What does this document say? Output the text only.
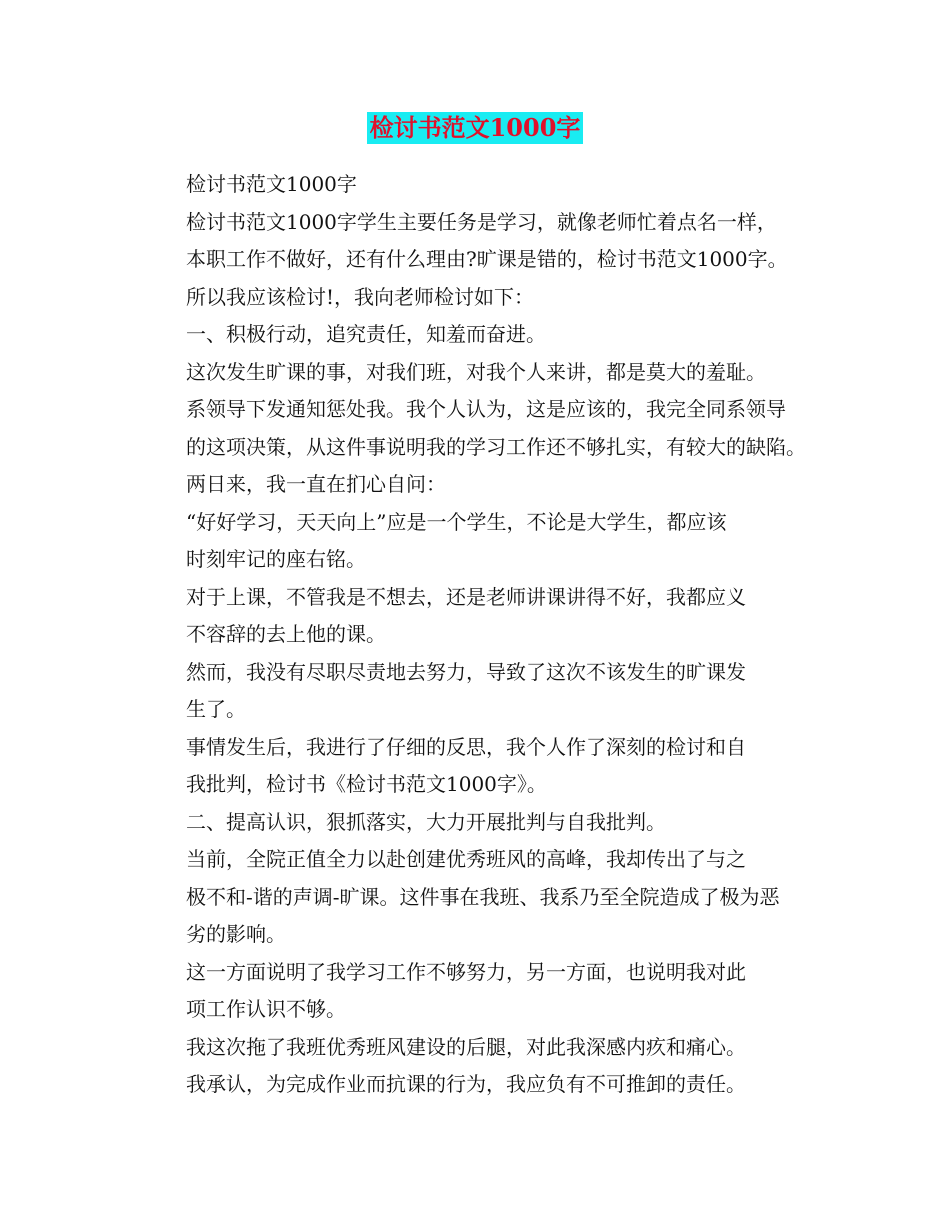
检讨书范文1000字

检讨书范文1000字

检讨书范文1000字学生主要任务是学习，就像老师忙着点名一样，
本职工作不做好，还有什么理由?旷课是错的，检讨书范文1000字。
所以我应该检讨!，我向老师检讨如下：

一、积极行动，追究责任，知羞而奋进。

这次发生旷课的事，对我们班，对我个人来讲，都是莫大的羞耻。
系领导下发通知惩处我。我个人认为，这是应该的，我完全同系领导
的这项决策，从这件事说明我的学习工作还不够扎实，有较大的缺陷。
两日来，我一直在扪心自问：

“好好学习，天天向上”应是一个学生，不论是大学生，都应该
时刻牢记的座右铭。

对于上课，不管我是不想去，还是老师讲课讲得不好，我都应义
不容辞的去上他的课。

然而，我没有尽职尽责地去努力，导致了这次不该发生的旷课发
生了。

事情发生后，我进行了仔细的反思，我个人作了深刻的检讨和自
我批判，检讨书《检讨书范文1000字》。

二、提高认识，狠抓落实，大力开展批判与自我批判。

当前，全院正值全力以赴创建优秀班风的高峰，我却传出了与之
极不和-谐的声调-旷课。这件事在我班、我系乃至全院造成了极为恶
劣的影响。

这一方面说明了我学习工作不够努力，另一方面，也说明我对此
项工作认识不够。

我这次拖了我班优秀班风建设的后腿，对此我深感内疚和痛心。

我承认，为完成作业而抗课的行为，我应负有不可推卸的责任。
